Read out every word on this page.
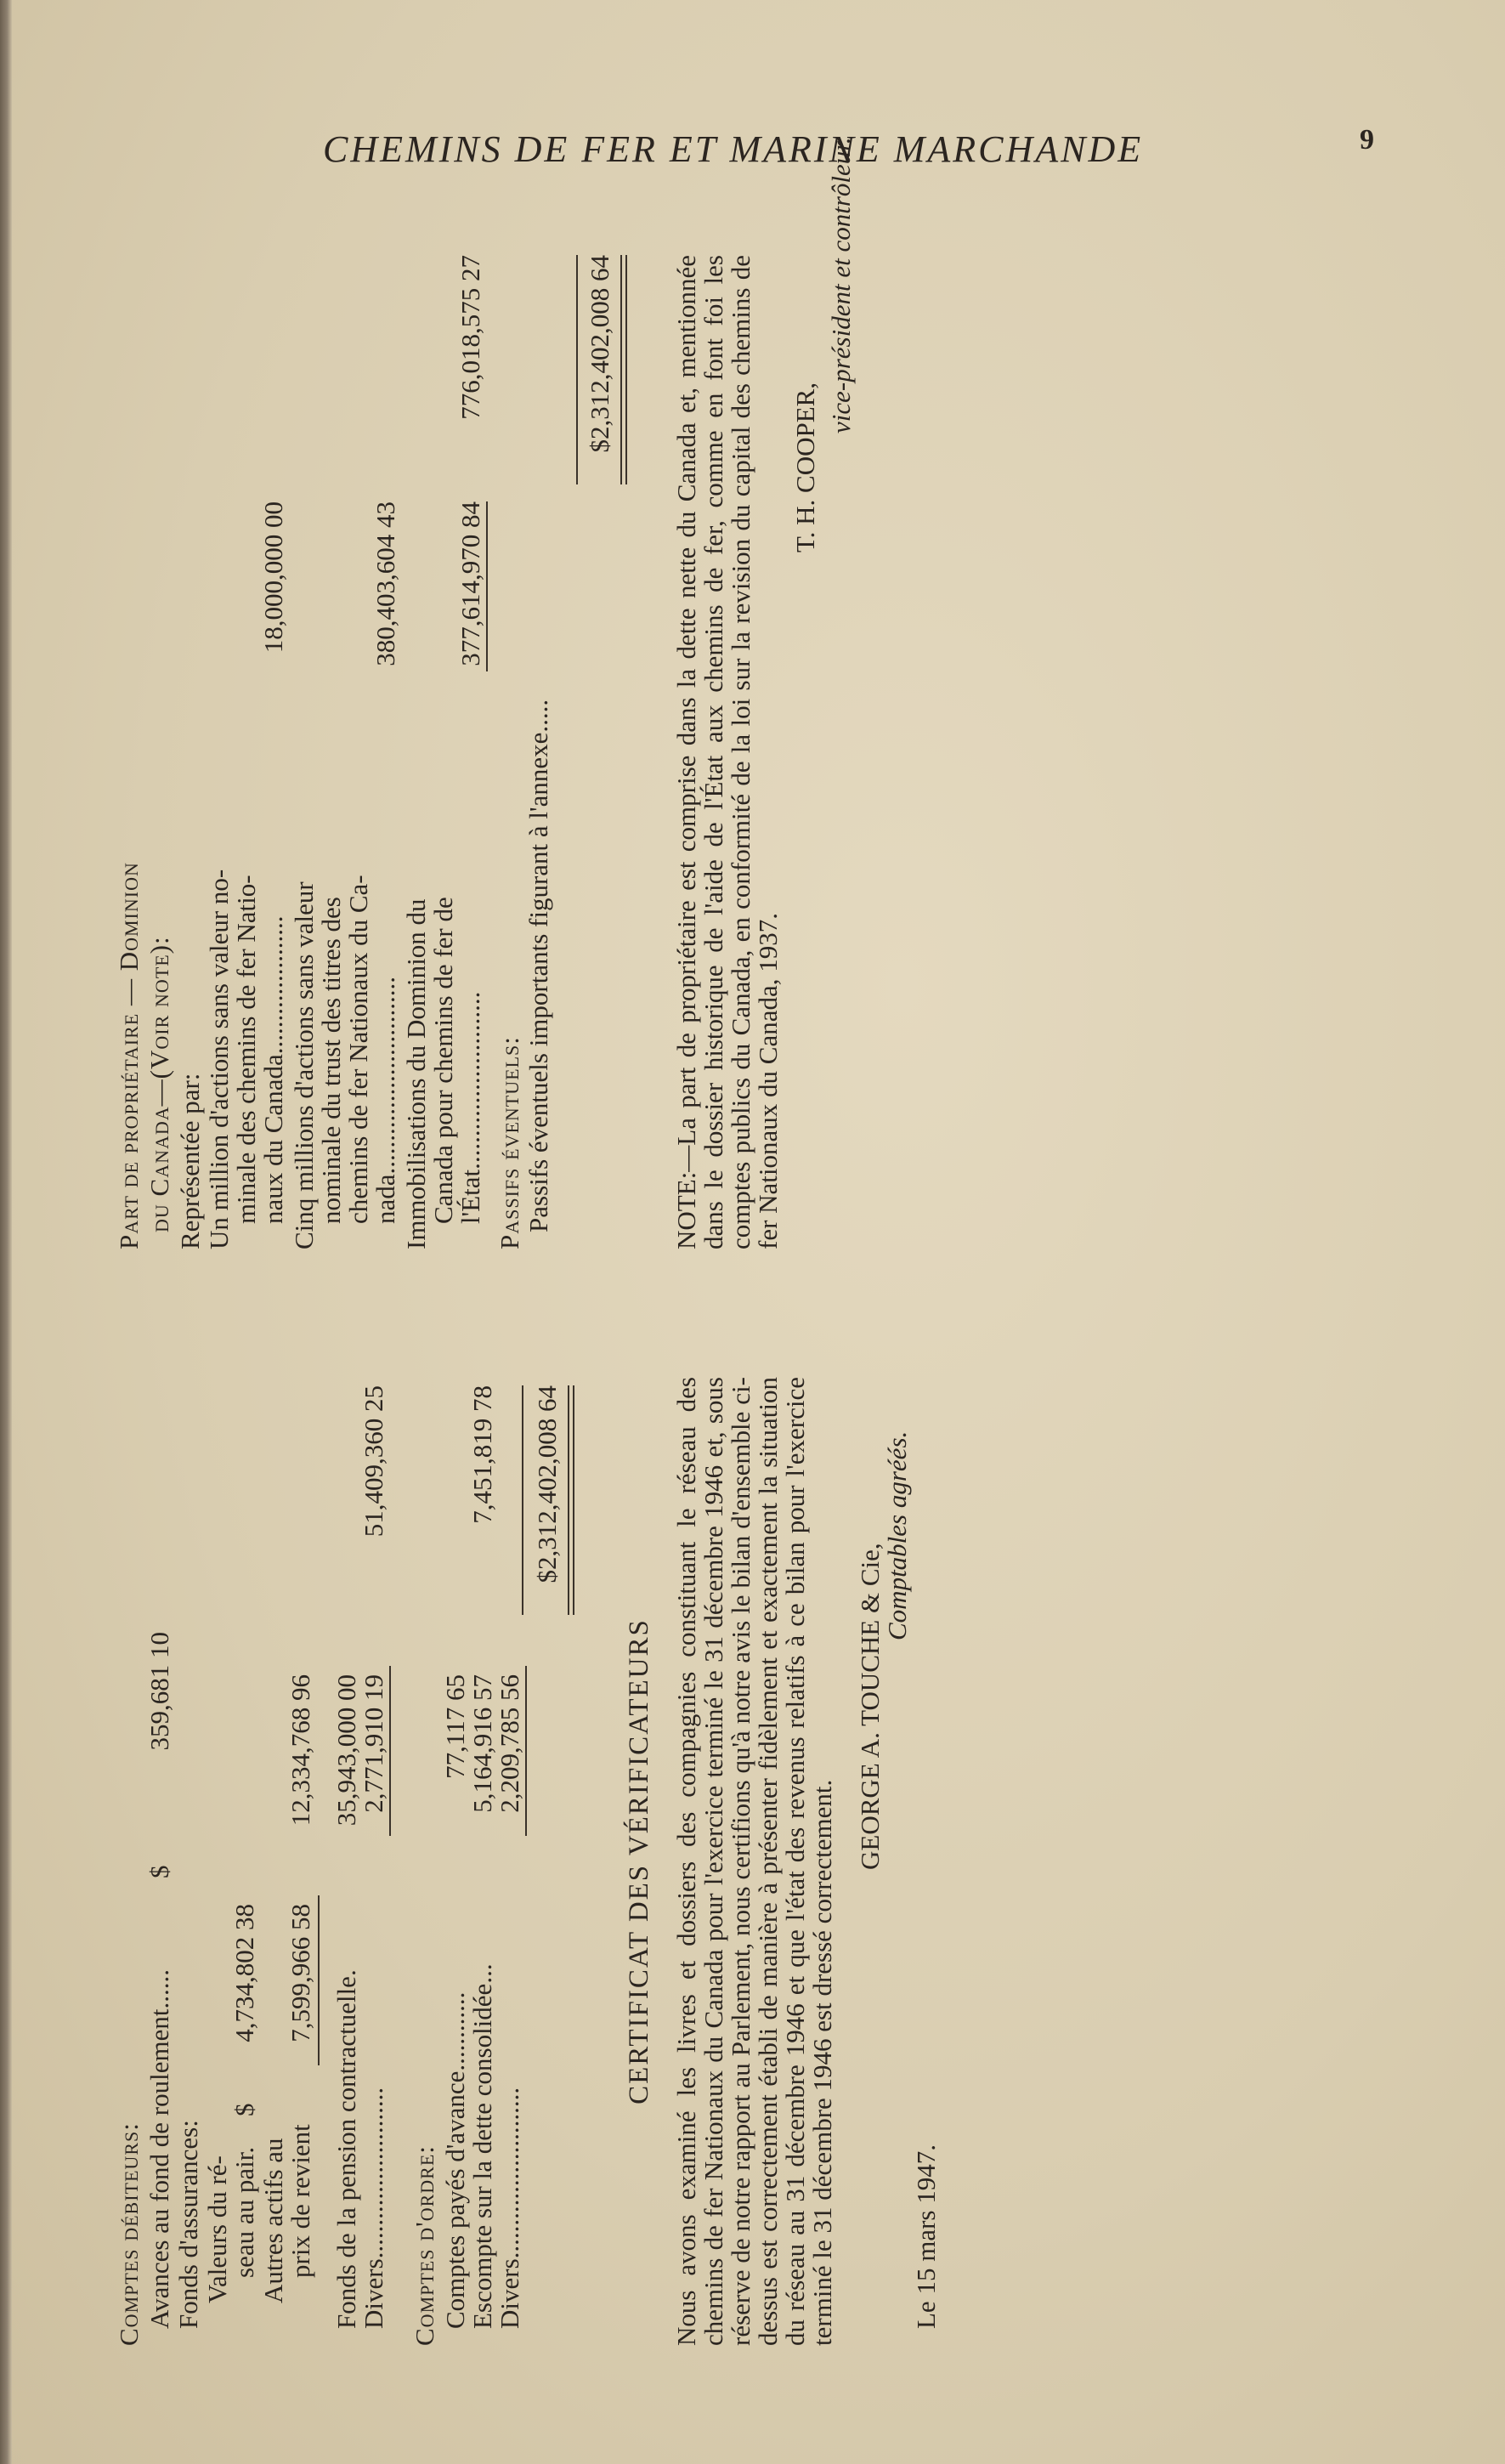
CHEMINS DE FER ET MARINE MARCHANDE	9
Comptes débiteurs: Avances au fond de roulement......
$
359,681 10
Fonds d'assurances: Valeurs du ré-
seau au pair.
$
4,734,802 38
Autres actifs au
prix de revient
7,599,966 58
12,334,768 96
Fonds de la pension contractuelle.
35,943,000 00
Divers..........................
2,771,910 19
51,409,360 25
Comptes d'ordre: Comptes payés d'avance............
77,117 65
Escompte sur la dette consolidée...
5,164,916 57
Divers..........................
2,209,785 56
7,451,819 78 $2,312,402,008 64
Part de propriétaire — Dominion du Canada—(Voir note): Représentée par: Un million d'actions sans valeur no-
minale des chemins de fer Natio-
naux du Canada.....................
18,000,000 00
Cinq millions d'actions sans valeur
nominale du trust des titres des
chemins de fer Nationaux du Ca-
nada..............................
380,403,604 43
Immobilisations du Dominion du
Canada pour chemins de fer de
l'État...........................
377,614,970 84
776,018,575 27
Passifs éventuels: Passifs éventuels importants figurant à l'annexe.....
$2,312,402,008 64
CERTIFICAT DES VÉRIFICATEURS Nous avons examiné les livres et dossiers des compagnies constituant le réseau des chemins de fer Nationaux du Canada pour l'exercice terminé le 31 décembre 1946 et, sous réserve de notre rapport au Parlement, nous certifions qu'à notre avis le bilan d'ensemble ci-dessus est correctement établi de manière à présenter fidèlement et exactement la situation du réseau au 31 décembre 1946 et que l'état des revenus relatifs à ce bilan pour l'exercice terminé le 31 décembre 1946 est dressé correctement.
GEORGE A. TOUCHE & Cie,
Comptables agréés.
Le 15 mars 1947.
NOTE:—La part de propriétaire est comprise dans la dette nette du Canada et, mentionnée dans le dossier historique de l'aide de l'État aux chemins de fer, comme en font foi les comptes publics du Canada, en conformité de la loi sur la revision du capital des chemins de fer Nationaux du Canada, 1937.
T. H. COOPER,
vice-président et contrôleur.
